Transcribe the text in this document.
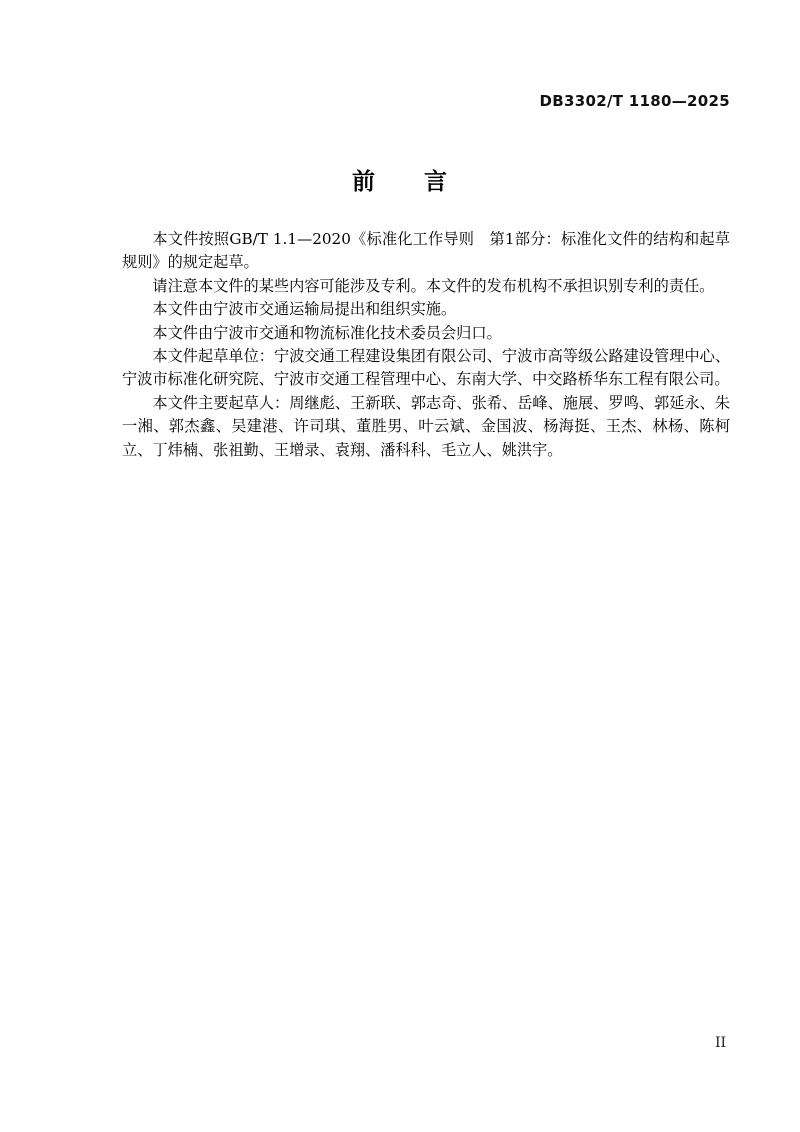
DB3302/T 1180—2025
前　　言

本文件按照GB/T 1.1—2020《标准化工作导则　第1部分：标准化文件的结构和起草规则》的规定起草。

请注意本文件的某些内容可能涉及专利。本文件的发布机构不承担识别专利的责任。

本文件由宁波市交通运输局提出和组织实施。

本文件由宁波市交通和物流标准化技术委员会归口。

本文件起草单位：宁波交通工程建设集团有限公司、宁波市高等级公路建设管理中心、宁波市标准化研究院、宁波市交通工程管理中心、东南大学、中交路桥华东工程有限公司。

本文件主要起草人：周继彪、王新联、郭志奇、张希、岳峰、施展、罗鸣、郭延永、朱一湘、郭杰鑫、吴建港、许司琪、董胜男、叶云斌、金国波、杨海挺、王杰、林杨、陈柯立、丁炜楠、张祖勤、王增录、袁翔、潘科科、毛立人、姚洪宇。

II
